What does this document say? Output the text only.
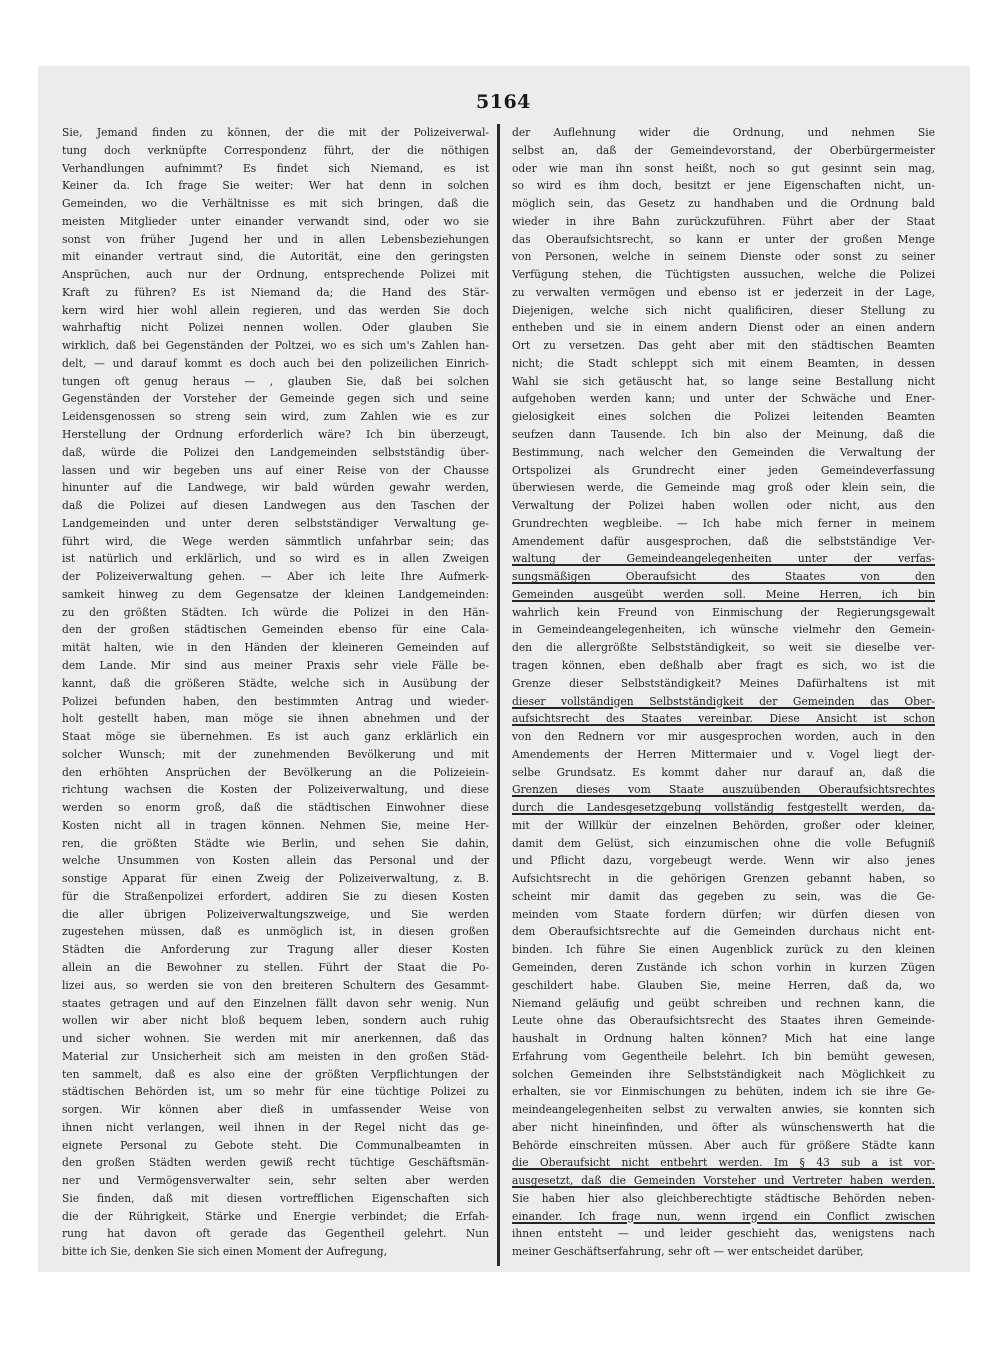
5164
Sie, Jemand finden zu können, der die mit der Polizeiverwal-
tung doch verknüpfte Correspondenz führt, der die nöthigen
Verhandlungen aufnimmt? Es findet sich Niemand, es ist
Keiner da. Ich frage Sie weiter: Wer hat denn in solchen
Gemeinden, wo die Verhältnisse es mit sich bringen, daß die
meisten Mitglieder unter einander verwandt sind, oder wo sie
sonst von früher Jugend her und in allen Lebensbeziehungen
mit einander vertraut sind, die Autorität, eine den geringsten
Ansprüchen, auch nur der Ordnung, entsprechende Polizei mit
Kraft zu führen? Es ist Niemand da; die Hand des Stär-
kern wird hier wohl allein regieren, und das werden Sie doch
wahrhaftig nicht Polizei nennen wollen. Oder glauben Sie
wirklich, daß bei Gegenständen der Poltzei, wo es sich um's Zahlen han-
delt, — und darauf kommt es doch auch bei den polizeilichen Einrich-
tungen oft genug heraus — , glauben Sie, daß bei solchen
Gegenständen der Vorsteher der Gemeinde gegen sich und seine
Leidensgenossen so streng sein wird, zum Zahlen wie es zur
Herstellung der Ordnung erforderlich wäre? Ich bin überzeugt,
daß, würde die Polizei den Landgemeinden selbstständig über-
lassen und wir begeben uns auf einer Reise von der Chausse
hinunter auf die Landwege, wir bald würden gewahr werden,
daß die Polizei auf diesen Landwegen aus den Taschen der
Landgemeinden und unter deren selbstständiger Verwaltung ge-
führt wird, die Wege werden sämmtlich unfahrbar sein; das
ist natürlich und erklärlich, und so wird es in allen Zweigen
der Polizeiverwaltung gehen. — Aber ich leite Ihre Aufmerk-
samkeit hinweg zu dem Gegensatze der kleinen Landgemeinden:
zu den größten Städten. Ich würde die Polizei in den Hän-
den der großen städtischen Gemeinden ebenso für eine Cala-
mität halten, wie in den Händen der kleineren Gemeinden auf
dem Lande. Mir sind aus meiner Praxis sehr viele Fälle be-
kannt, daß die größeren Städte, welche sich in Ausübung der
Polizei befunden haben, den bestimmten Antrag und wieder-
holt gestellt haben, man möge sie ihnen abnehmen und der
Staat möge sie übernehmen. Es ist auch ganz erklärlich ein
solcher Wunsch; mit der zunehmenden Bevölkerung und mit
den erhöhten Ansprüchen der Bevölkerung an die Polizeiein-
richtung wachsen die Kosten der Polizeiverwaltung, und diese
werden so enorm groß, daß die städtischen Einwohner diese
Kosten nicht all in tragen können. Nehmen Sie, meine Her-
ren, die größten Städte wie Berlin, und sehen Sie dahin,
welche Unsummen von Kosten allein das Personal und der
sonstige Apparat für einen Zweig der Polizeiverwaltung, z. B.
für die Straßenpolizei erfordert, addiren Sie zu diesen Kosten
die aller übrigen Polizeiverwaltungszweige, und Sie werden
zugestehen müssen, daß es unmöglich ist, in diesen großen
Städten die Anforderung zur Tragung aller dieser Kosten
allein an die Bewohner zu stellen. Führt der Staat die Po-
lizei aus, so werden sie von den breiteren Schultern des Gesammt-
staates getragen und auf den Einzelnen fällt davon sehr wenig. Nun
wollen wir aber nicht bloß bequem leben, sondern auch ruhig
und sicher wohnen. Sie werden mit mir anerkennen, daß das
Material zur Unsicherheit sich am meisten in den großen Städ-
ten sammelt, daß es also eine der größten Verpflichtungen der
städtischen Behörden ist, um so mehr für eine tüchtige Polizei zu
sorgen. Wir können aber dieß in umfassender Weise von
ihnen nicht verlangen, weil ihnen in der Regel nicht das ge-
eignete Personal zu Gebote steht. Die Communalbeamten in
den großen Städten werden gewiß recht tüchtige Geschäftsmän-
ner und Vermögensverwalter sein, sehr selten aber werden
Sie finden, daß mit diesen vortrefflichen Eigenschaften sich
die der Rührigkeit, Stärke und Energie verbindet; die Erfah-
rung hat davon oft gerade das Gegentheil gelehrt. Nun
bitte ich Sie, denken Sie sich einen Moment der Aufregung,
der Auflehnung wider die Ordnung, und nehmen Sie
selbst an, daß der Gemeindevorstand, der Oberbürgermeister
oder wie man ihn sonst heißt, noch so gut gesinnt sein mag,
so wird es ihm doch, besitzt er jene Eigenschaften nicht, un-
möglich sein, das Gesetz zu handhaben und die Ordnung bald
wieder in ihre Bahn zurückzuführen. Führt aber der Staat
das Oberaufsichtsrecht, so kann er unter der großen Menge
von Personen, welche in seinem Dienste oder sonst zu seiner
Verfügung stehen, die Tüchtigsten aussuchen, welche die Polizei
zu verwalten vermögen und ebenso ist er jederzeit in der Lage,
Diejenigen, welche sich nicht qualificiren, dieser Stellung zu
entheben und sie in einem andern Dienst oder an einen andern
Ort zu versetzen. Das geht aber mit den städtischen Beamten
nicht; die Stadt schleppt sich mit einem Beamten, in dessen
Wahl sie sich getäuscht hat, so lange seine Bestallung nicht
aufgehoben werden kann; und unter der Schwäche und Ener-
gielosigkeit eines solchen die Polizei leitenden Beamten
seufzen dann Tausende. Ich bin also der Meinung, daß die
Bestimmung, nach welcher den Gemeinden die Verwaltung der
Ortspolizei als Grundrecht einer jeden Gemeindeverfassung
überwiesen werde, die Gemeinde mag groß oder klein sein, die
Verwaltung der Polizei haben wollen oder nicht, aus den
Grundrechten wegbleibe. — Ich habe mich ferner in meinem
Amendement dafür ausgesprochen, daß die selbstständige Ver-
waltung der Gemeindeangelegenheiten unter der verfas-
sungsmäßigen Oberaufsicht des Staates von den
Gemeinden ausgeübt werden soll. Meine Herren, ich bin
wahrlich kein Freund von Einmischung der Regierungsgewalt
in Gemeindeangelegenheiten, ich wünsche vielmehr den Gemein-
den die allergrößte Selbstständigkeit, so weit sie dieselbe ver-
tragen können, eben deßhalb aber fragt es sich, wo ist die
Grenze dieser Selbstständigkeit? Meines Dafürhaltens ist mit
dieser vollständigen Selbstständigkeit der Gemeinden das Ober-
aufsichtsrecht des Staates vereinbar. Diese Ansicht ist schon
von den Rednern vor mir ausgesprochen worden, auch in den
Amendements der Herren Mittermaier und v. Vogel liegt der-
selbe Grundsatz. Es kommt daher nur darauf an, daß die
Grenzen dieses vom Staate auszuübenden Oberaufsichtsrechtes
durch die Landesgesetzgebung vollständig festgestellt werden, da-
mit der Willkür der einzelnen Behörden, großer oder kleiner,
damit dem Gelüst, sich einzumischen ohne die volle Befugniß
und Pflicht dazu, vorgebeugt werde. Wenn wir also jenes
Aufsichtsrecht in die gehörigen Grenzen gebannt haben, so
scheint mir damit das gegeben zu sein, was die Ge-
meinden vom Staate fordern dürfen; wir dürfen diesen von
dem Oberaufsichtsrechte auf die Gemeinden durchaus nicht ent-
binden. Ich führe Sie einen Augenblick zurück zu den kleinen
Gemeinden, deren Zustände ich schon vorhin in kurzen Zügen
geschildert habe. Glauben Sie, meine Herren, daß da, wo
Niemand geläufig und geübt schreiben und rechnen kann, die
Leute ohne das Oberaufsichtsrecht des Staates ihren Gemeinde-
haushalt in Ordnung halten können? Mich hat eine lange
Erfahrung vom Gegentheile belehrt. Ich bin bemüht gewesen,
solchen Gemeinden ihre Selbstständigkeit nach Möglichkeit zu
erhalten, sie vor Einmischungen zu behüten, indem ich sie ihre Ge-
meindeangelegenheiten selbst zu verwalten anwies, sie konnten sich
aber nicht hineinfinden, und öfter als wünschenswerth hat die
Behörde einschreiten müssen. Aber auch für größere Städte kann
die Oberaufsicht nicht entbehrt werden. Im § 43 sub a ist vor-
ausgesetzt, daß die Gemeinden Vorsteher und Vertreter haben werden.
Sie haben hier also gleichberechtigte städtische Behörden neben-
einander. Ich frage nun, wenn irgend ein Conflict zwischen
ihnen entsteht — und leider geschieht das, wenigstens nach
meiner Geschäftserfahrung, sehr oft — wer entscheidet darüber,
